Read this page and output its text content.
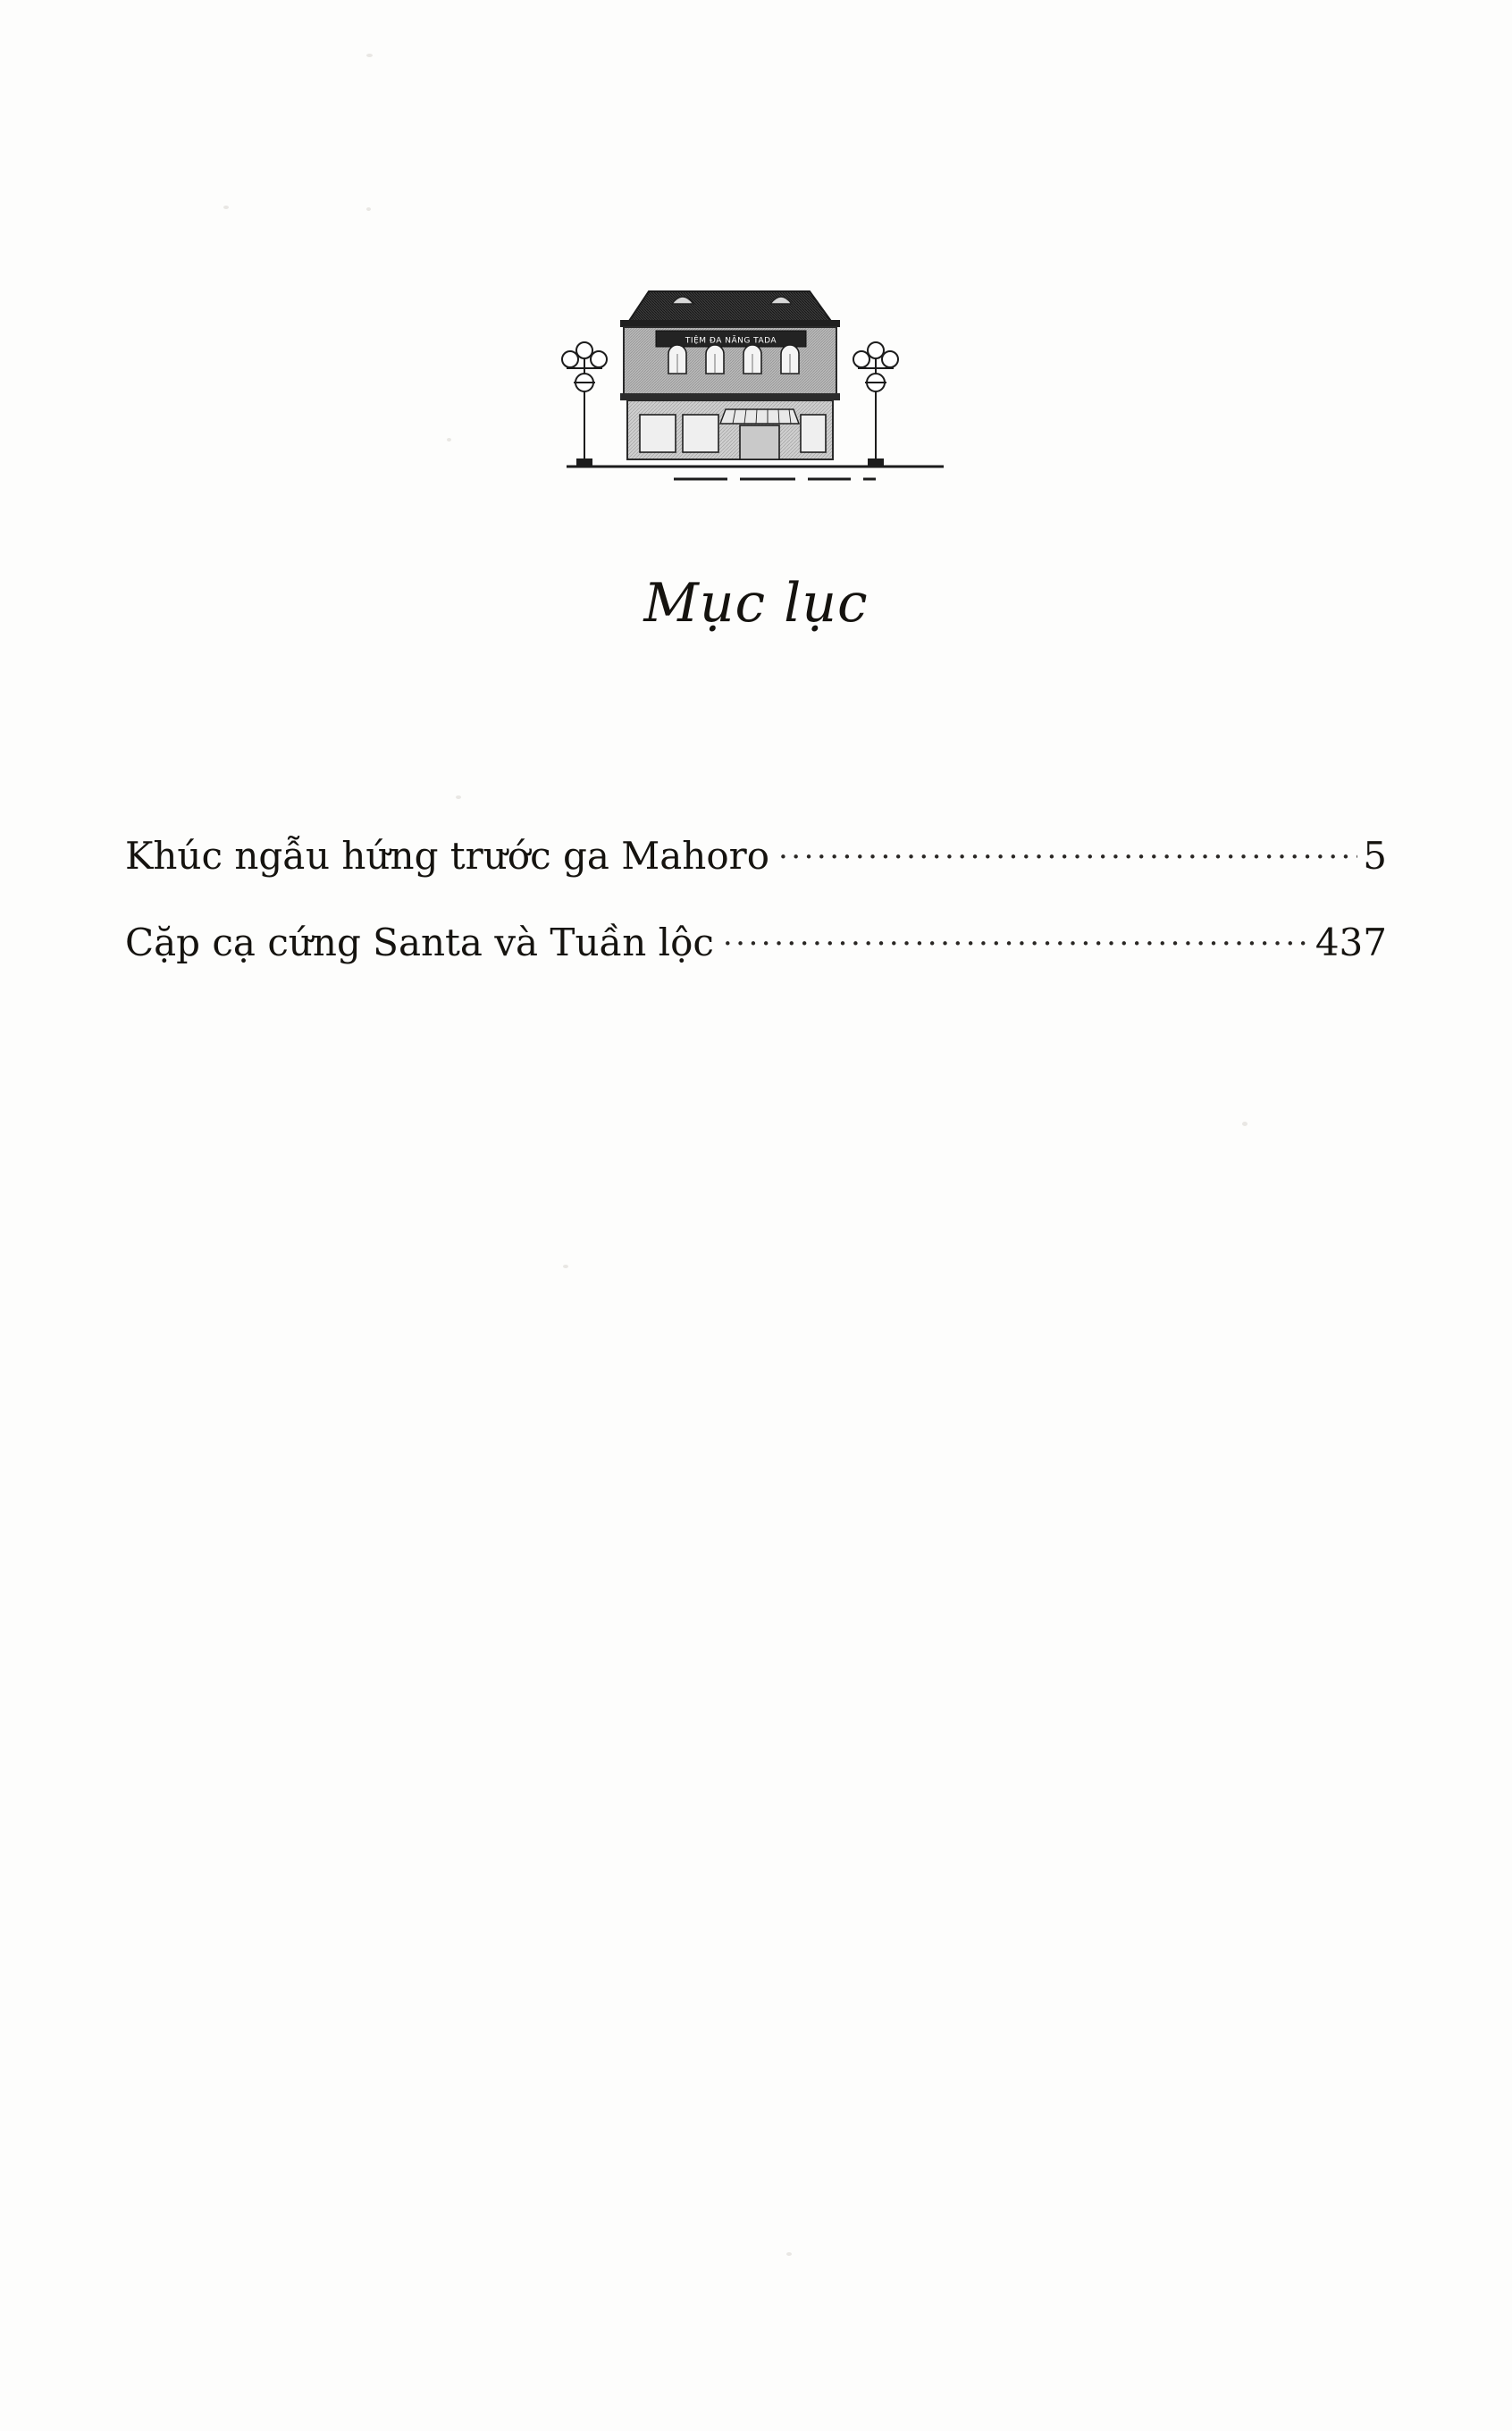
TIỆM ĐA NĂNG TADA
Mục lục
Khúc ngẫu hứng trước ga Mahoro .....	5
Cặp cạ cứng Santa và Tuần lộc .....	437
